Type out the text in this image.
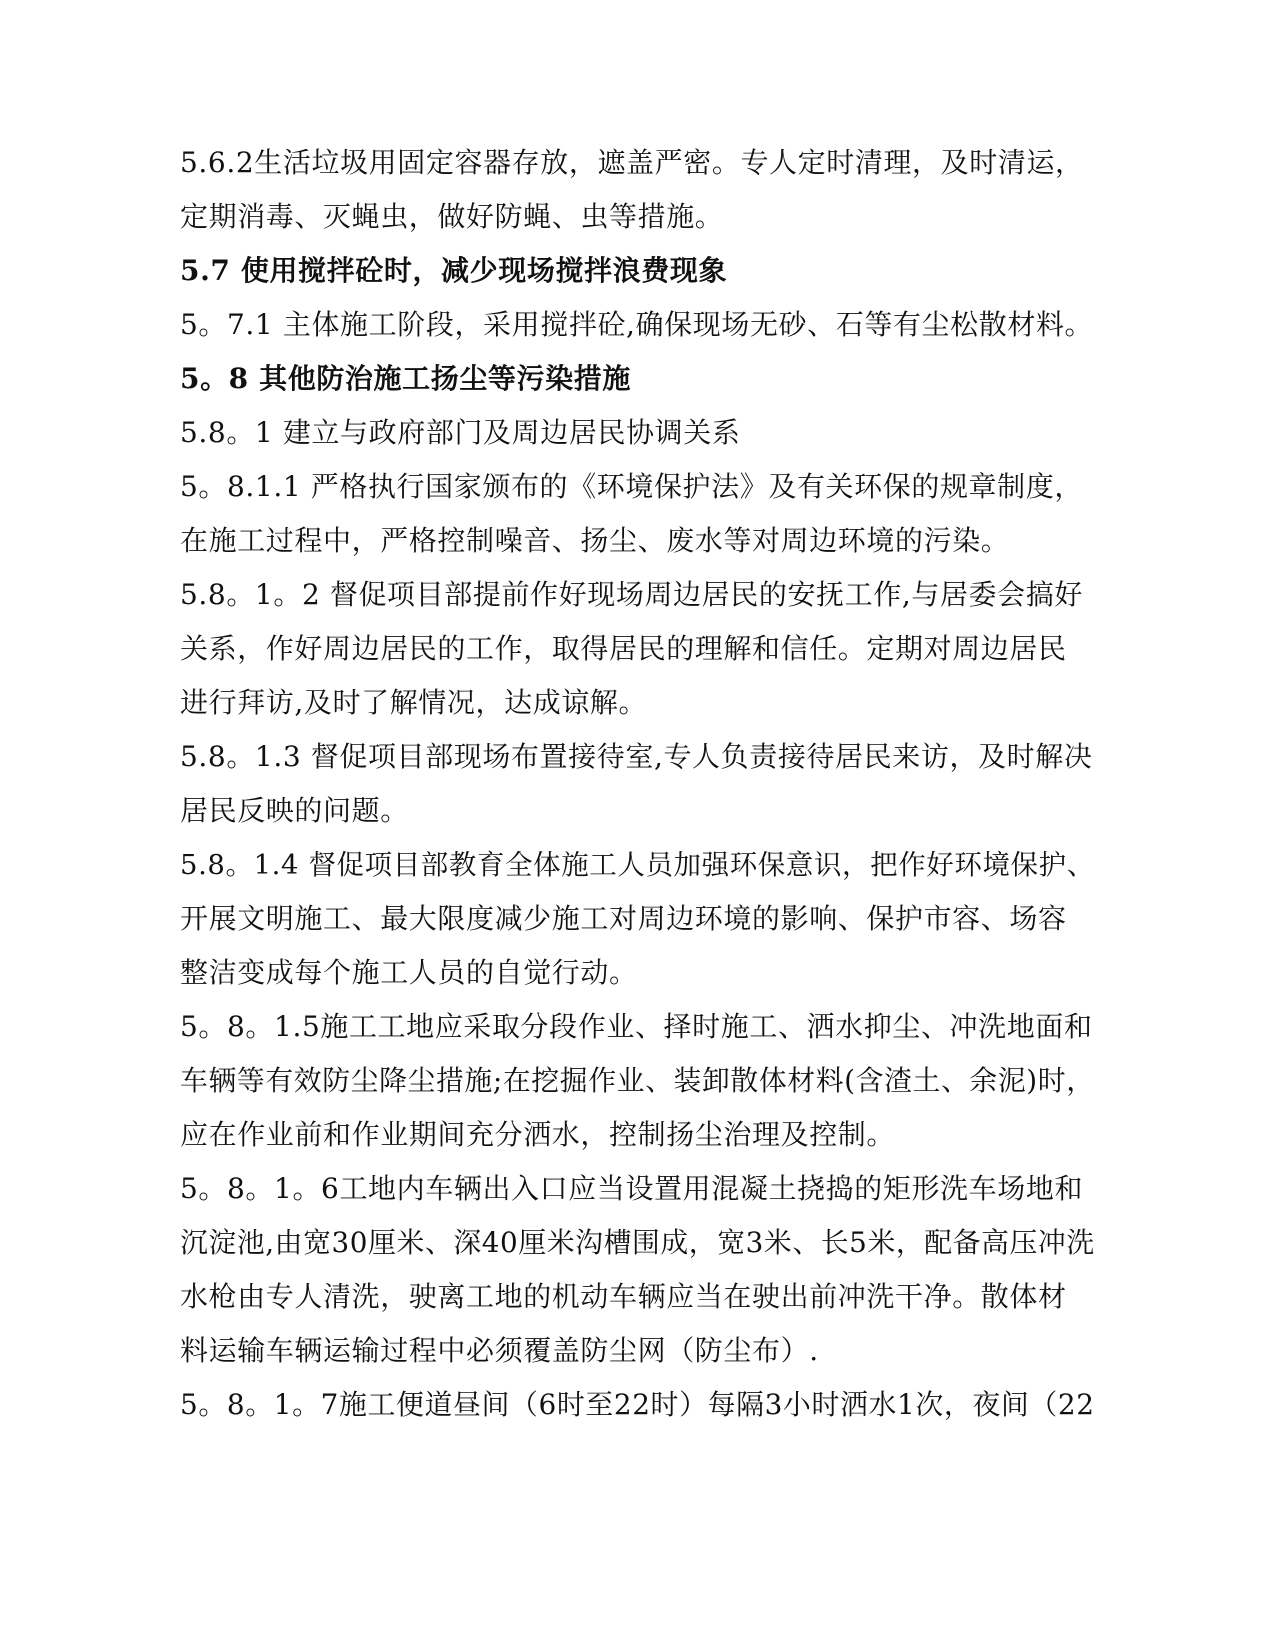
5.6.2生活垃圾用固定容器存放，遮盖严密。专人定时清理，及时清运，
定期消毒、灭蝇虫，做好防蝇、虫等措施。
5.7 使用搅拌砼时，减少现场搅拌浪费现象
5。7.1 主体施工阶段，采用搅拌砼,确保现场无砂、石等有尘松散材料。
5。8 其他防治施工扬尘等污染措施
5.8。1 建立与政府部门及周边居民协调关系
5。8.1.1 严格执行国家颁布的《环境保护法》及有关环保的规章制度，
在施工过程中，严格控制噪音、扬尘、废水等对周边环境的污染。
5.8。1。2 督促项目部提前作好现场周边居民的安抚工作,与居委会搞好
关系，作好周边居民的工作，取得居民的理解和信任。定期对周边居民
进行拜访,及时了解情况，达成谅解。
5.8。1.3 督促项目部现场布置接待室,专人负责接待居民来访，及时解决
居民反映的问题。
5.8。1.4 督促项目部教育全体施工人员加强环保意识，把作好环境保护、
开展文明施工、最大限度减少施工对周边环境的影响、保护市容、场容
整洁变成每个施工人员的自觉行动。
5。8。1.5施工工地应采取分段作业、择时施工、洒水抑尘、冲洗地面和
车辆等有效防尘降尘措施;在挖掘作业、装卸散体材料(含渣土、余泥)时，
应在作业前和作业期间充分洒水，控制扬尘治理及控制。
5。8。1。6工地内车辆出入口应当设置用混凝土挠捣的矩形洗车场地和
沉淀池,由宽30厘米、深40厘米沟槽围成，宽3米、长5米，配备高压冲洗
水枪由专人清洗，驶离工地的机动车辆应当在驶出前冲洗干净。散体材
料运输车辆运输过程中必须覆盖防尘网（防尘布）.
5。8。1。7施工便道昼间（6时至22时）每隔3小时洒水1次，夜间（22
